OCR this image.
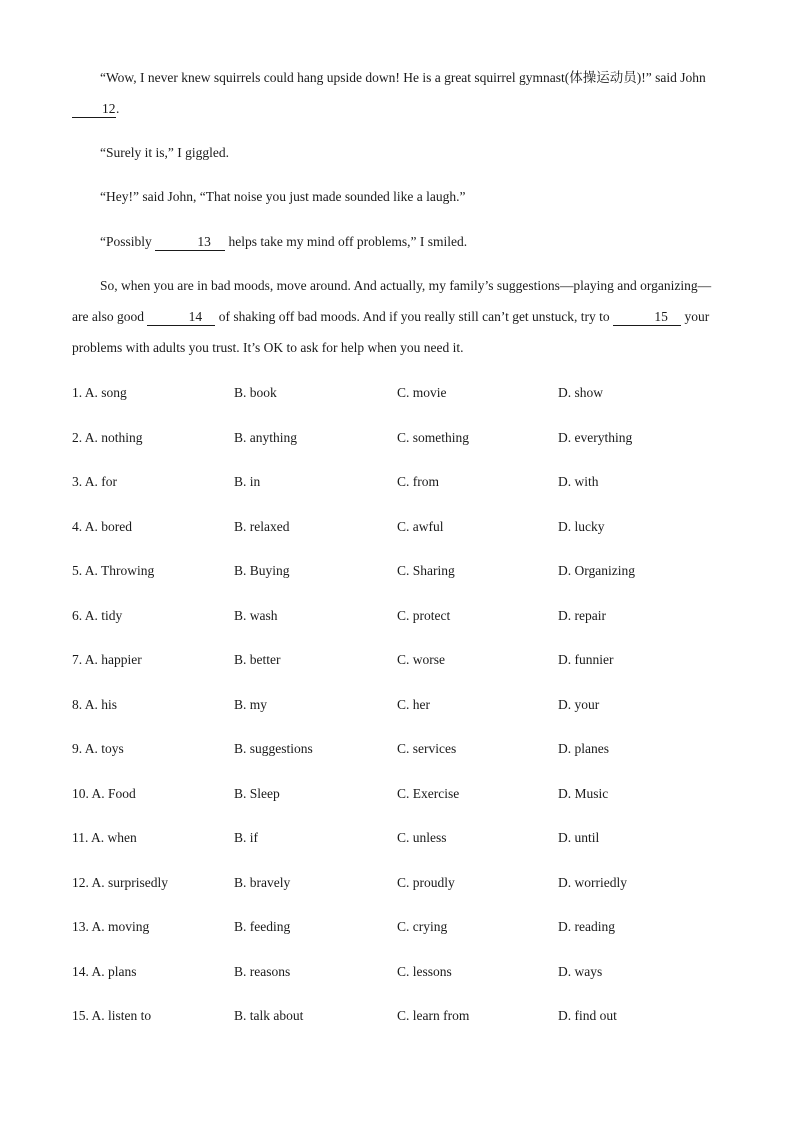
“Wow, I never knew squirrels could hang upside down! He is a great squirrel gymnast(体操运动员)!” said John 12.
“Surely it is,” I giggled.
“Hey!” said John, “That noise you just made sounded like a laugh.”
“Possibly	13 helps take my mind off problems,” I smiled.
So, when you are in bad moods, move around. And actually, my family’s suggestions—playing and organizing—are also good	14 of shaking off bad moods. And if you really still can’t get unstuck, try to	15 your problems with adults you trust. It’s OK to ask for help when you need it.
1. A. song	B. book	C. movie	D. show
2. A. nothing	B. anything	C. something	D. everything
3. A. for	B. in	C. from	D. with
4. A. bored	B. relaxed	C. awful	D. lucky
5. A. Throwing	B. Buying	C. Sharing	D. Organizing
6. A. tidy	B. wash	C. protect	D. repair
7. A. happier	B. better	C. worse	D. funnier
8. A. his	B. my	C. her	D. your
9. A. toys	B. suggestions	C. services	D. planes
10. A. Food	B. Sleep	C. Exercise	D. Music
11. A. when	B. if	C. unless	D. until
12. A. surprisedly	B. bravely	C. proudly	D. worriedly
13. A. moving	B. feeding	C. crying	D. reading
14. A. plans	B. reasons	C. lessons	D. ways
15. A. listen to	B. talk about	C. learn from	D. find out
